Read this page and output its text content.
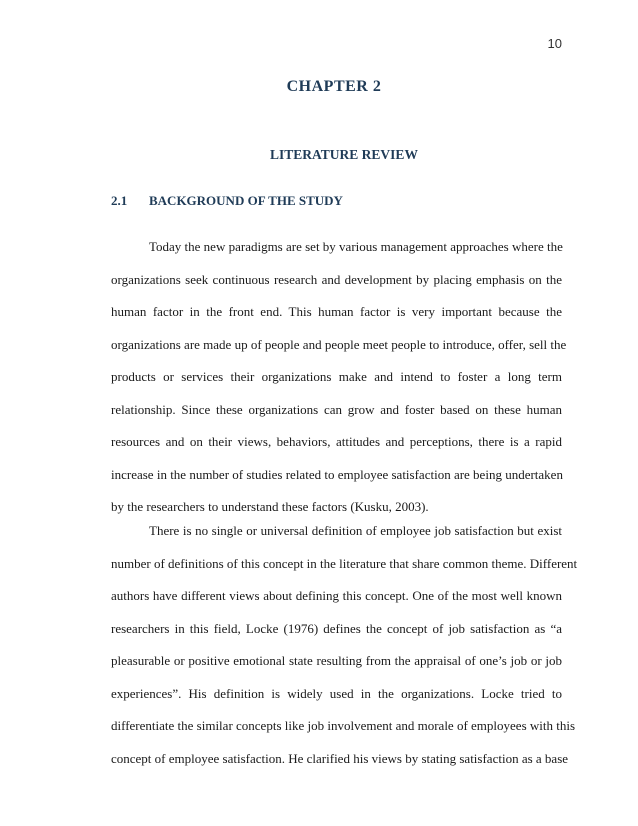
10
CHAPTER 2
LITERATURE REVIEW
2.1 BACKGROUND OF THE STUDY
Today the new paradigms are set by various management approaches where the
organizations seek continuous research and development by placing emphasis on the
human factor in the front end. This human factor is very important because the
organizations are made up of people and people meet people to introduce, offer, sell the
products or services their organizations make and intend to foster a long term
relationship. Since these organizations can grow and foster based on these human
resources and on their views, behaviors, attitudes and perceptions, there is a rapid
increase in the number of studies related to employee satisfaction are being undertaken
by the researchers to understand these factors (Kusku, 2003).
There is no single or universal definition of employee job satisfaction but exist
number of definitions of this concept in the literature that share common theme. Different
authors have different views about defining this concept. One of the most well known
researchers in this field, Locke (1976) defines the concept of job satisfaction as “a
pleasurable or positive emotional state resulting from the appraisal of one’s job or job
experiences”. His definition is widely used in the organizations. Locke tried to
differentiate the similar concepts like job involvement and morale of employees with this
concept of employee satisfaction. He clarified his views by stating satisfaction as a base
